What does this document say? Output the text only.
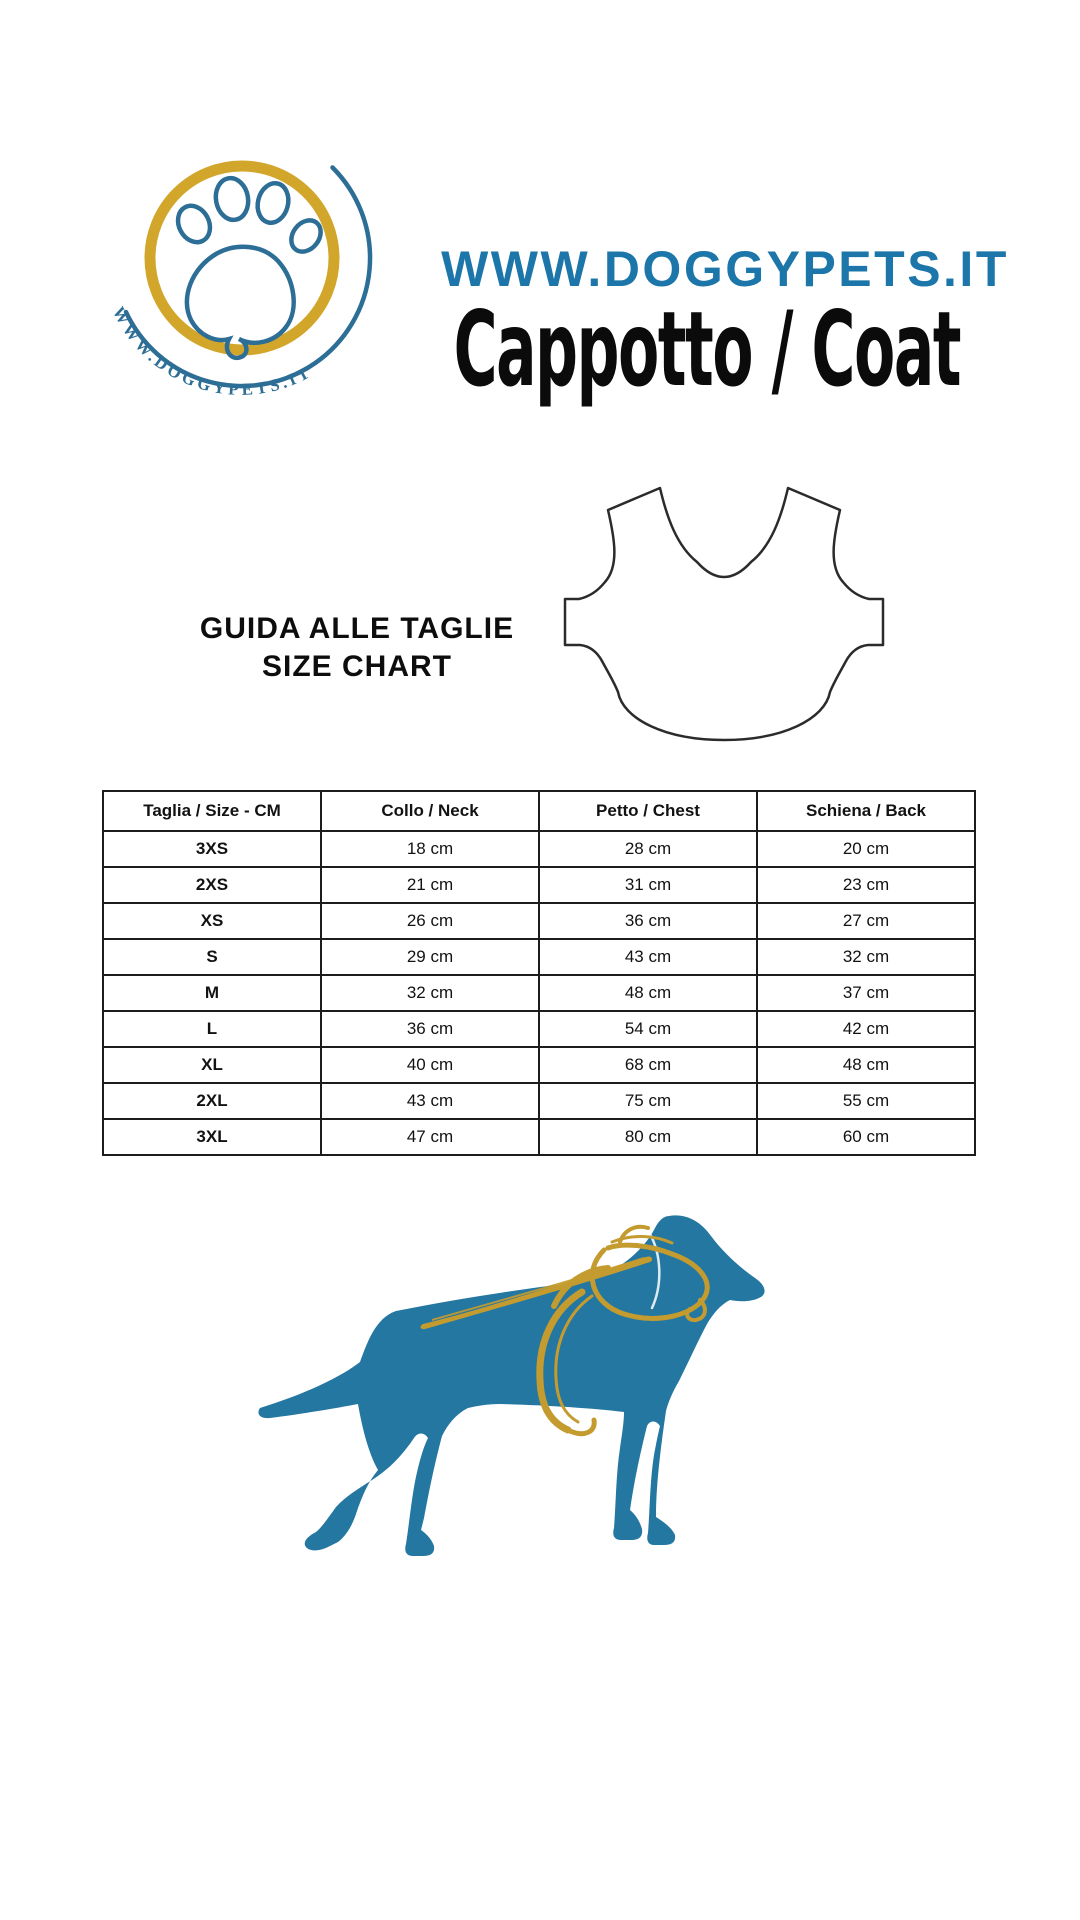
WWW.DOGGYPETS.IT
WWW.DOGGYPETS.IT
Cappotto / Coat
GUIDA ALLE TAGLIE
SIZE CHART
Taglia / Size - CM	Collo / Neck	Petto / Chest	Schiena / Back
3XS	18 cm	28 cm	20 cm
2XS	21 cm	31 cm	23 cm
XS	26 cm	36 cm	27 cm
S	29 cm	43 cm	32 cm
M	32 cm	48 cm	37 cm
L	36 cm	54 cm	42 cm
XL	40 cm	68 cm	48 cm
2XL	43 cm	75 cm	55 cm
3XL	47 cm	80 cm	60 cm
